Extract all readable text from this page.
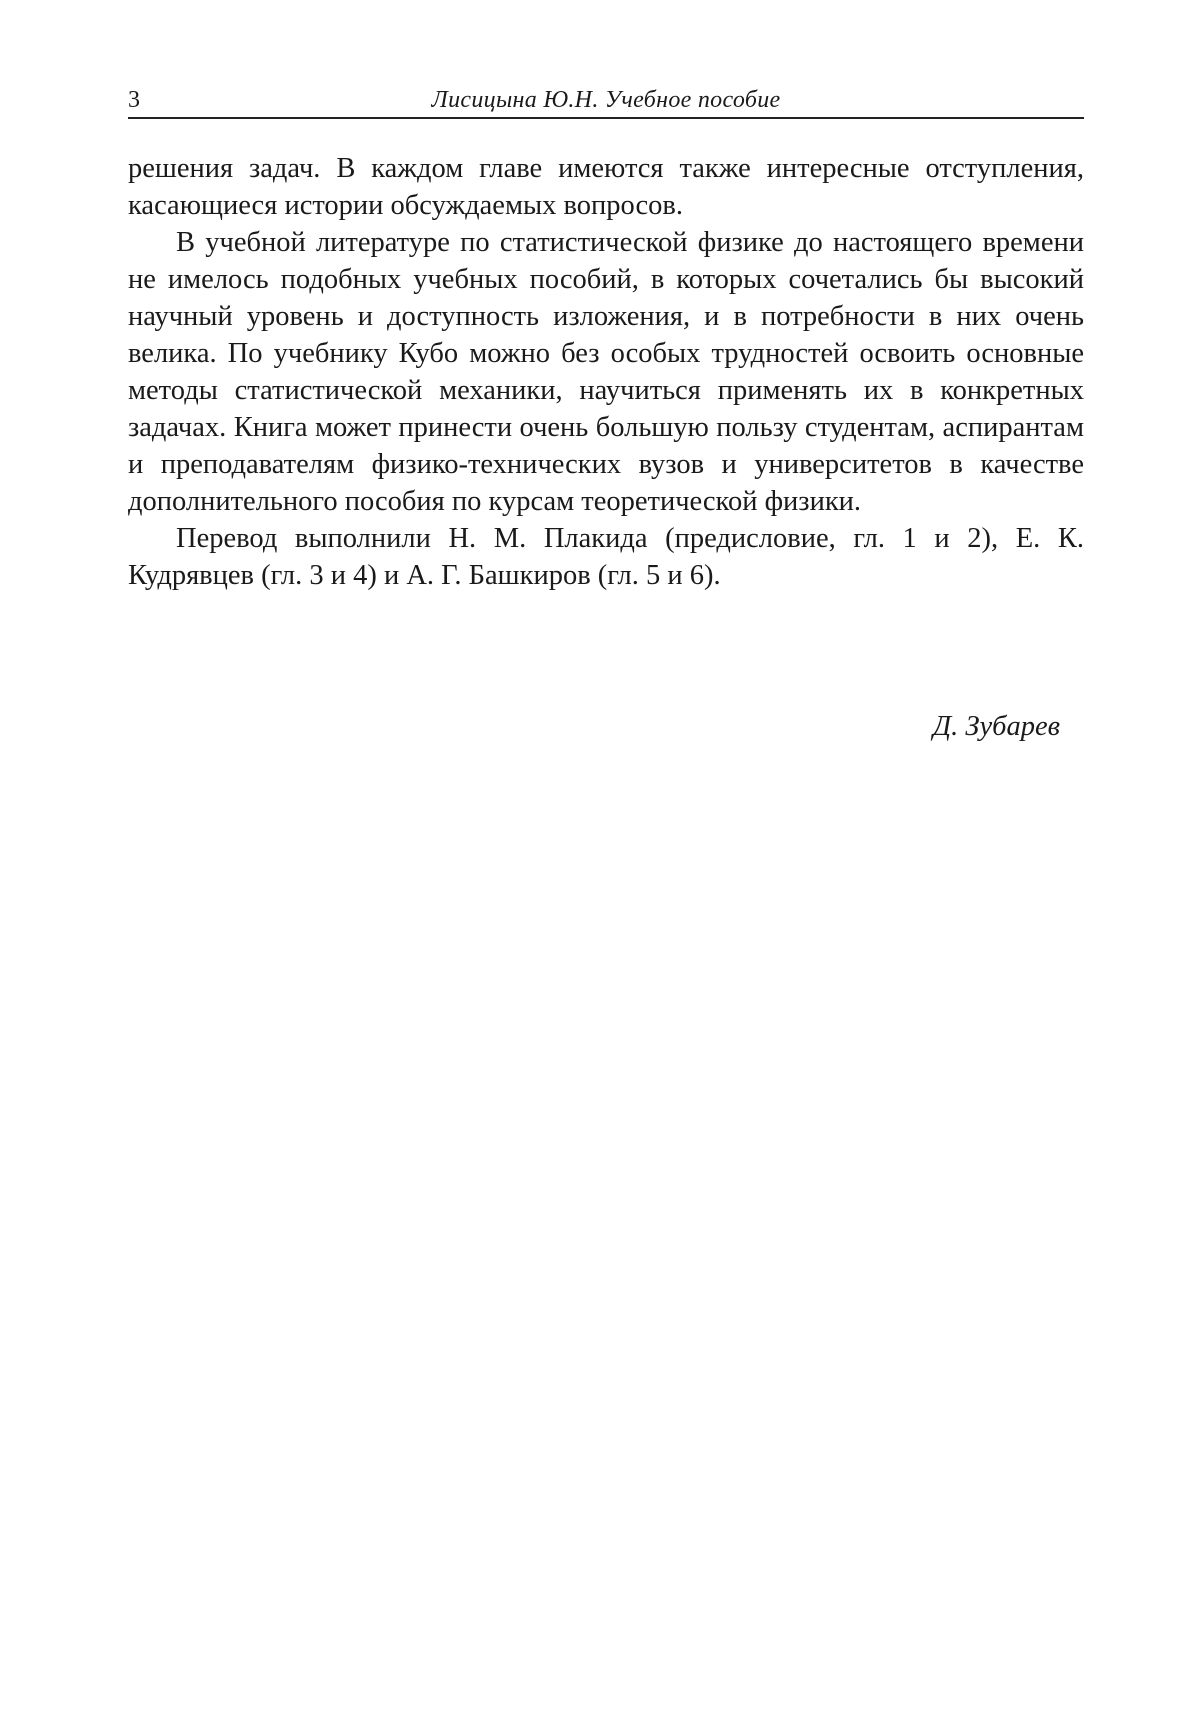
3	Лисицына Ю.Н. Учебное пособие

решения задач. В каждом главе имеются также интересные отступления, касающиеся истории обсуждаемых вопросов.

В учебной литературе по статистической физике до настоящего времени не имелось подобных учебных пособий, в которых сочетались бы высокий научный уровень и доступность изложения, и в потребности в них очень велика. По учебнику Кубо можно без особых трудностей освоить основные методы статистической механики, научиться применять их в конкретных задачах. Книга может принести очень большую пользу студентам, аспирантам и преподавателям физико-технических вузов и университетов в качестве дополнительного пособия по курсам теоретической физики.

Перевод выполнили Н. М. Плакида (предисловие, гл. 1 и 2), Е. К. Кудрявцев (гл. 3 и 4) и А. Г. Башкиров (гл. 5 и 6).

Д. Зубарев
